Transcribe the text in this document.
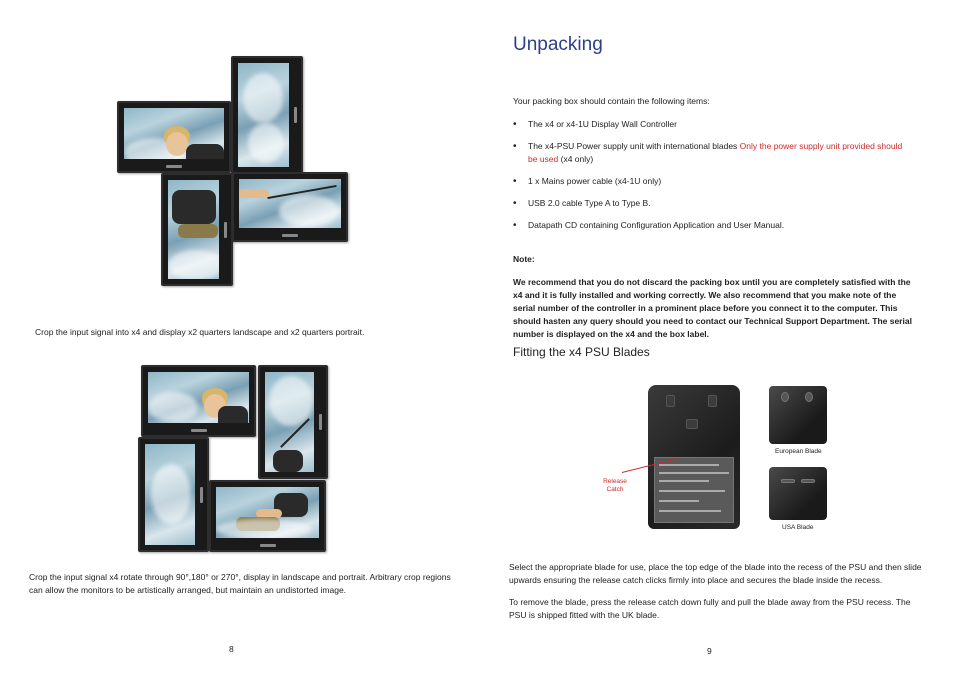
Crop the input signal into x4 and display x2 quarters landscape and x2 quarters portrait.

Crop the input signal x4 rotate through 90°,180° or 270°, display in landscape and portrait. Arbitrary crop regions can allow the monitors to be artistically arranged, but maintain an undistorted image.

8
Unpacking

Your packing box should contain the following items:

• The x4 or x4-1U Display Wall Controller
• The x4-PSU Power supply unit with international blades Only the power supply unit provided should be used (x4 only)
• 1 x Mains power cable (x4-1U only)
• USB 2.0 cable Type A to Type B.
• Datapath CD containing Configuration Application and User Manual.

Note:

We recommend that you do not discard the packing box until you are completely satisfied with the x4 and it is fully installed and working correctly. We also recommend that you make note of the serial number of the controller in a prominent place before you connect it to the computer. This should hasten any query should you need to contact our Technical Support Department. The serial number is displayed on the x4 and the box label.

Fitting the x4 PSU Blades
Release Catch
European Blade
USA Blade

Select the appropriate blade for use, place the top edge of the blade into the recess of the PSU and then slide upwards ensuring the release catch clicks firmly into place and secures the blade inside the recess.

To remove the blade, press the release catch down fully and pull the blade away from the PSU recess. The PSU is shipped fitted with the UK blade.

9
